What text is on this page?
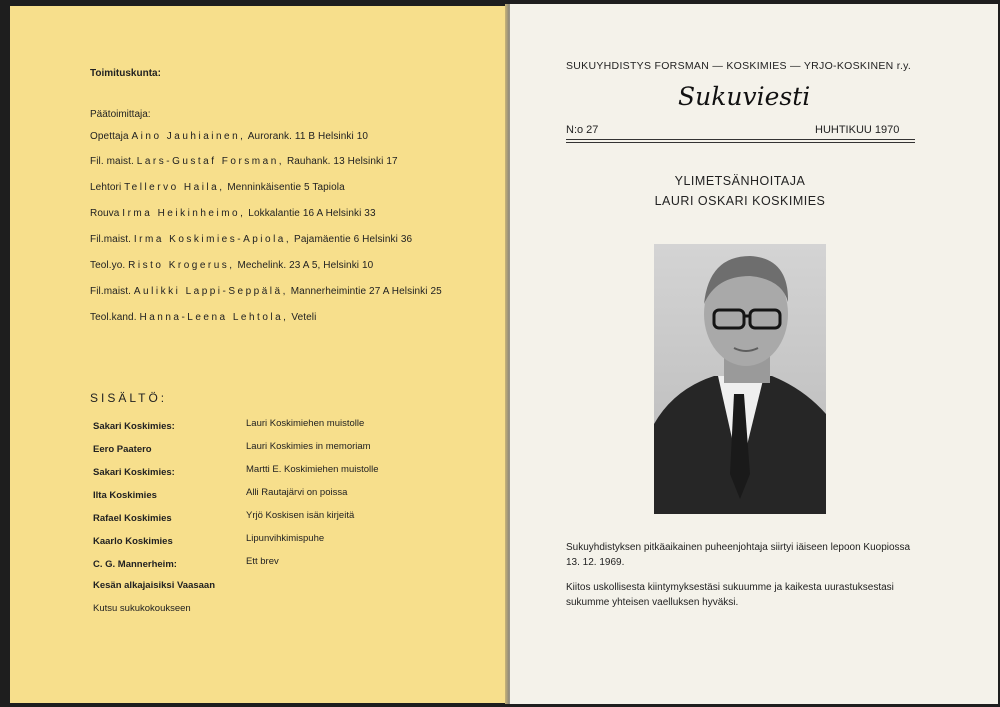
Toimituskunta:
Päätoimittaja:
Opettaja Aino Jauhiainen, Aurorank. 11 B Helsinki 10
Fil. maist. Lars-Gustaf Forsman, Rauhank. 13 Helsinki 17
Lehtori Tellervo Haila, Menninkäisentie 5 Tapiola
Rouva Irma Heikinheimo, Lokkalantie 16 A Helsinki 33
Fil.maist. Irma Koskimies-Apiola, Pajamäentie 6 Helsinki 36
Teol.yo. Risto Krogerus, Mechelink. 23 A 5, Helsinki 10
Fil.maist. Aulikki Lappi-Seppälä, Mannerheimintie 27 A Helsinki 25
Teol.kand. Hanna-Leena Lehtola, Veteli
SISÄLTÖ:
Sakari Koskimies:	Lauri Koskimiehen muistolle
Eero Paatero	Lauri Koskimies in memoriam
Sakari Koskimies:	Martti E. Koskimiehen muistolle
Ilta Koskimies	Alli Rautajärvi on poissa
Rafael Koskimies	Yrjö Koskisen isän kirjeitä
Kaarlo Koskimies	Lipunvihkimispuhe
C. G. Mannerheim:	Ett brev
Kesän alkajaisiksi Vaasaan
Kutsu sukukokoukseen
SUKUYHDISTYS FORSMAN — KOSKIMIES — YRJO-KOSKINEN r.y.
Sukuviesti
N:o 27	HUHTIKUU 1970
YLIMETSÄNHOITAJA
LAURI OSKARI KOSKIMIES
Sukuyhdistyksen pitkäaikainen puheenjohtaja siirtyi iäiseen lepoon Kuopiossa 13. 12. 1969.
Kiitos uskollisesta kiintymyksestäsi sukuumme ja kaikesta uurastuksestasi sukumme yhteisen vaelluksen hyväksi.
